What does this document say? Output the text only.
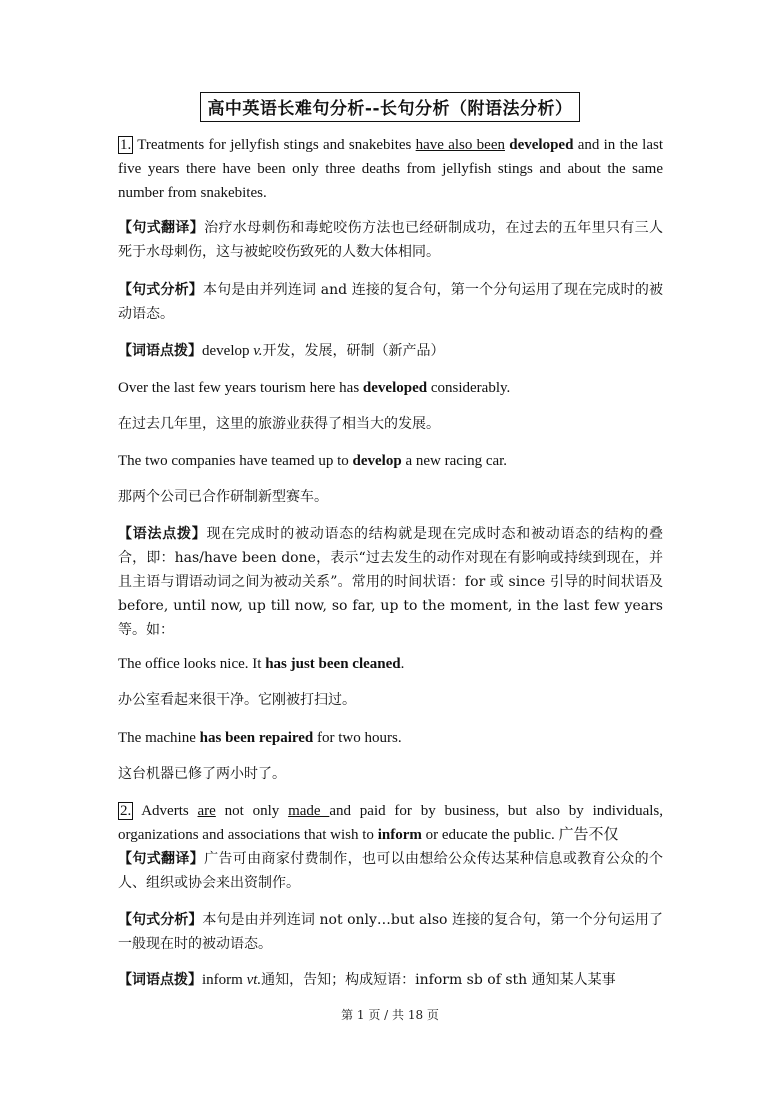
高中英语长难句分析--长句分析（附语法分析）
1. Treatments for jellyfish stings and snakebites have also been developed and in the last five years there have been only three deaths from jellyfish stings and about the same number from snakebites.
【句式翻译】治疗水母刺伤和毒蛇咬伤方法也已经研制成功，在过去的五年里只有三人死于水母刺伤，这与被蛇咬伤致死的人数大体相同。
【句式分析】本句是由并列连词 and 连接的复合句，第一个分句运用了现在完成时的被动语态。
【词语点拨】develop v.开发，发展，研制（新产品）
Over the last few years tourism here has developed considerably.
在过去几年里，这里的旅游业获得了相当大的发展。
The two companies have teamed up to develop a new racing car.
那两个公司已合作研制新型赛车。
【语法点拨】现在完成时的被动语态的结构就是现在完成时态和被动语态的结构的叠合，即：has/have been done，表示“过去发生的动作对现在有影响或持续到现在，并且主语与谓语动词之间为被动关系”。常用的时间状语：for 或 since 引导的时间状语及 before, until now, up till now, so far, up to the moment, in the last few years 等。如：
The office looks nice. It has just been cleaned.
办公室看起来很干净。它刚被打扫过。
The machine has been repaired for two hours.
这台机器已修了两小时了。
2. Adverts are not only made and paid for by business, but also by individuals, organizations and associations that wish to inform or educate the public. 广告不仅
【句式翻译】广告可由商家付费制作，也可以由想给公众传达某种信息或教育公众的个人、组织或协会来出资制作。
【句式分析】本句是由并列连词 not only…but also 连接的复合句，第一个分句运用了一般现在时的被动语态。
【词语点拨】inform vt.通知，告知；构成短语：inform sb of sth 通知某人某事
第 1 页 / 共 18 页
